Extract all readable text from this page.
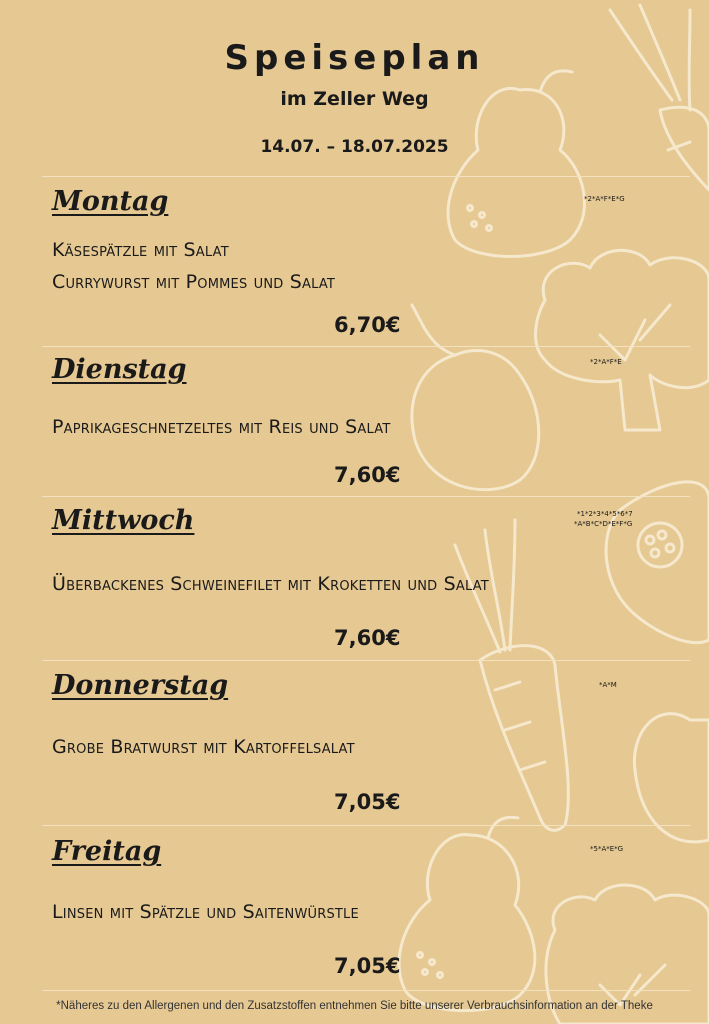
Speiseplan
im Zeller Weg
14.07. – 18.07.2025
Montag	*2*A*F*E*G
Käsespätzle mit Salat
Currywurst mit Pommes und Salat
6,70€
Dienstag	*2*A*F*E
Paprikageschnetzeltes mit Reis und Salat
7,60€
Mittwoch	*1*2*3*4*5*6*7
*A*B*C*D*E*F*G
Überbackenes Schweinefilet mit Kroketten und Salat
7,60€
Donnerstag	*A*M
Grobe Bratwurst mit Kartoffelsalat
7,05€
Freitag	*5*A*E*G
Linsen mit Spätzle und Saitenwürstle
7,05€
*Näheres zu den Allergenen und den Zusatzstoffen entnehmen Sie bitte unserer Verbrauchsinformation an der Theke
